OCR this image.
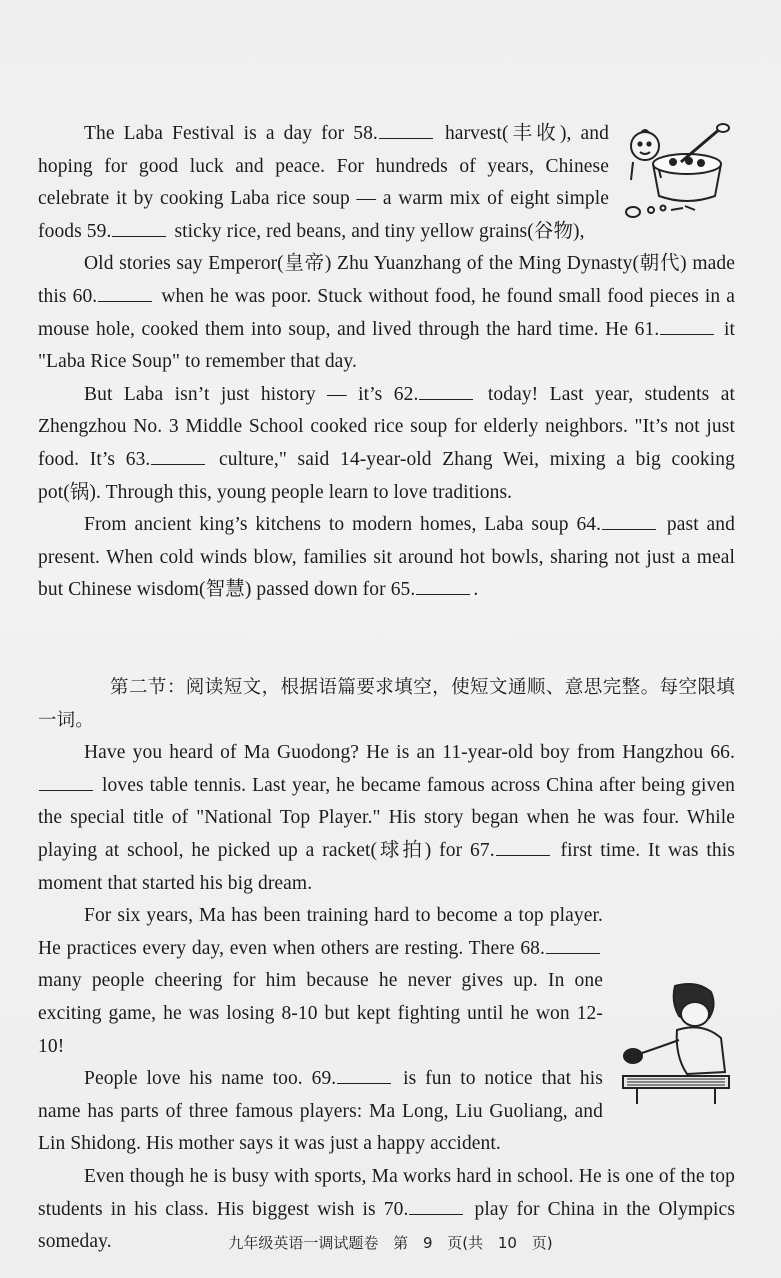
The Laba Festival is a day for 58.	harvest(丰收), and hoping for good luck and peace. For hundreds of years, Chinese celebrate it by cooking Laba rice soup — a warm mix of eight simple foods 59.	sticky rice, red beans, and tiny yellow grains(谷物),

Old stories say Emperor(皇帝) Zhu Yuanzhang of the Ming Dynasty(朝代) made this 60.	when he was poor. Stuck without food, he found small food pieces in a mouse hole, cooked them into soup, and lived through the hard time. He 61.	it "Laba Rice Soup" to remember that day.

But Laba isn’t just history — it’s 62.	today! Last year, students at Zhengzhou No. 3 Middle School cooked rice soup for elderly neighbors. "It’s not just food. It’s 63.	culture," said 14-year-old Zhang Wei, mixing a big cooking pot(锅). Through this, young people learn to love traditions.

From ancient king’s kitchens to modern homes, Laba soup 64.	past and present. When cold winds blow, families sit around hot bowls, sharing not just a meal but Chinese wisdom(智慧) passed down for 65.	.

第二节：阅读短文，根据语篇要求填空，使短文通顺、意思完整。每空限填一词。

Have you heard of Ma Guodong? He is an 11-year-old boy from Hangzhou 66. loves table tennis. Last year, he became famous across China after being given the special title of "National Top Player." His story began when he was four. While playing at school, he picked up a racket(球拍) for 67.	first time. It was this moment that started his big dream.

For six years, Ma has been training hard to become a top player. He practices every day, even when others are resting. There 68. many people cheering for him because he never gives up. In one exciting game, he was losing 8-10 but kept fighting until he won 12-10!

People love his name too. 69.	is fun to notice that his name has parts of three famous players: Ma Long, Liu Guoliang, and Lin Shidong. His mother says it was just a happy accident.

Even though he is busy with sports, Ma works hard in school. He is one of the top students in his class. His biggest wish is 70.	play for China in the Olympics someday.	九年级英语一调试题卷 第 9 页(共 10 页)
